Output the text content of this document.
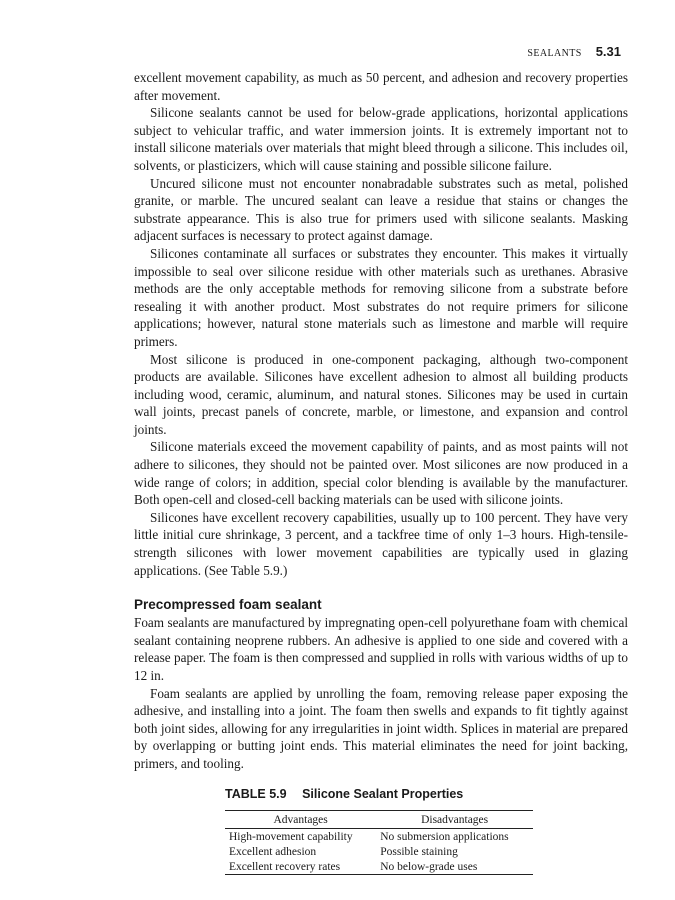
SEALANTS 5.31

excellent movement capability, as much as 50 percent, and adhesion and recovery properties after movement.

Silicone sealants cannot be used for below-grade applications, horizontal applications subject to vehicular traffic, and water immersion joints. It is extremely important not to install silicone materials over materials that might bleed through a silicone. This includes oil, solvents, or plasticizers, which will cause staining and possible silicone failure.

Uncured silicone must not encounter nonabradable substrates such as metal, polished granite, or marble. The uncured sealant can leave a residue that stains or changes the substrate appearance. This is also true for primers used with silicone sealants. Masking adjacent surfaces is necessary to protect against damage.

Silicones contaminate all surfaces or substrates they encounter. This makes it virtually impossible to seal over silicone residue with other materials such as urethanes. Abrasive methods are the only acceptable methods for removing silicone from a substrate before resealing it with another product. Most substrates do not require primers for silicone applications; however, natural stone materials such as limestone and marble will require primers.

Most silicone is produced in one-component packaging, although two-component products are available. Silicones have excellent adhesion to almost all building products including wood, ceramic, aluminum, and natural stones. Silicones may be used in curtain wall joints, precast panels of concrete, marble, or limestone, and expansion and control joints.

Silicone materials exceed the movement capability of paints, and as most paints will not adhere to silicones, they should not be painted over. Most silicones are now produced in a wide range of colors; in addition, special color blending is available by the manufacturer. Both open-cell and closed-cell backing materials can be used with silicone joints.

Silicones have excellent recovery capabilities, usually up to 100 percent. They have very little initial cure shrinkage, 3 percent, and a tackfree time of only 1–3 hours. High-tensile-strength silicones with lower movement capabilities are typically used in glazing applications. (See Table 5.9.)

Precompressed foam sealant

Foam sealants are manufactured by impregnating open-cell polyurethane foam with chemical sealant containing neoprene rubbers. An adhesive is applied to one side and covered with a release paper. The foam is then compressed and supplied in rolls with various widths of up to 12 in.

Foam sealants are applied by unrolling the foam, removing release paper exposing the adhesive, and installing into a joint. The foam then swells and expands to fit tightly against both joint sides, allowing for any irregularities in joint width. Splices in material are prepared by overlapping or butting joint ends. This material eliminates the need for joint backing, primers, and tooling.

TABLE 5.9 Silicone Sealant Properties
Advantages	Disadvantages
High-movement capability	No submersion applications
Excellent adhesion	Possible staining
Excellent recovery rates	No below-grade uses
